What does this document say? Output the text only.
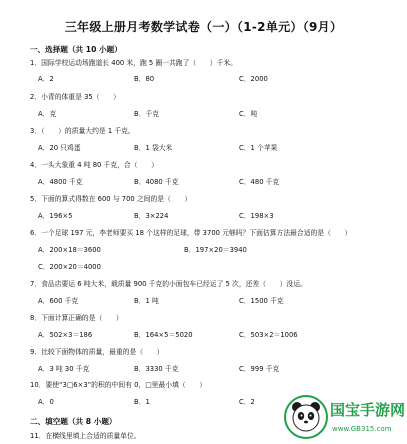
三年级上册月考数学试卷（一）（1-2单元）（9月）
一、选择题（共 10 小题）
1．国际学校运动场跑道长 400 米，跑 5 圈一共跑了（　　）千米。
A．2	B．80	C．2000
2．小青的体重是 35（　　）
A．克	B．千克	C．吨
3．（　　）的质量大约是 1 千克。
A．20 只鸡蛋	B．1 袋大米	C．1 个苹果
4．一头大象重 4 吨 80 千克，合（　　）
A．4800 千克	B．4080 千克	C．480 千克
5．下面的算式得数在 600 与 700 之间的是（　　）
A．196×5	B．3×224	C．198×3
6．一个足球 197 元，李老师要买 18 个这样的足球，带 3700 元够吗？下面估算方法最合适的是（　　）
A．200×18＝3600	B．197×20＝3940
C．200×20＝4000
7．食品店要运 6 吨大米，载质量 900 千克的小面包车已经运了 5 次，还差（　　）没运。
A．600 千克	B．1 吨	C．1500 千克
8．下面计算正确的是（　　）
A．502×3＝186	B．164×5＝5020	C．503×2＝1006
9．比较下面物体的质量，最重的是（　　）
A．3 吨 30 千克	B．3330 千克	C．999 千克
10．要使“3□6×3”的积的中间有 0，□里最小填（　　）
A．0	B．1	C．2
二、填空题（共 8 小题）
11．在横线里填上合适的质量单位。
国宝手游网
www.GB315.com
